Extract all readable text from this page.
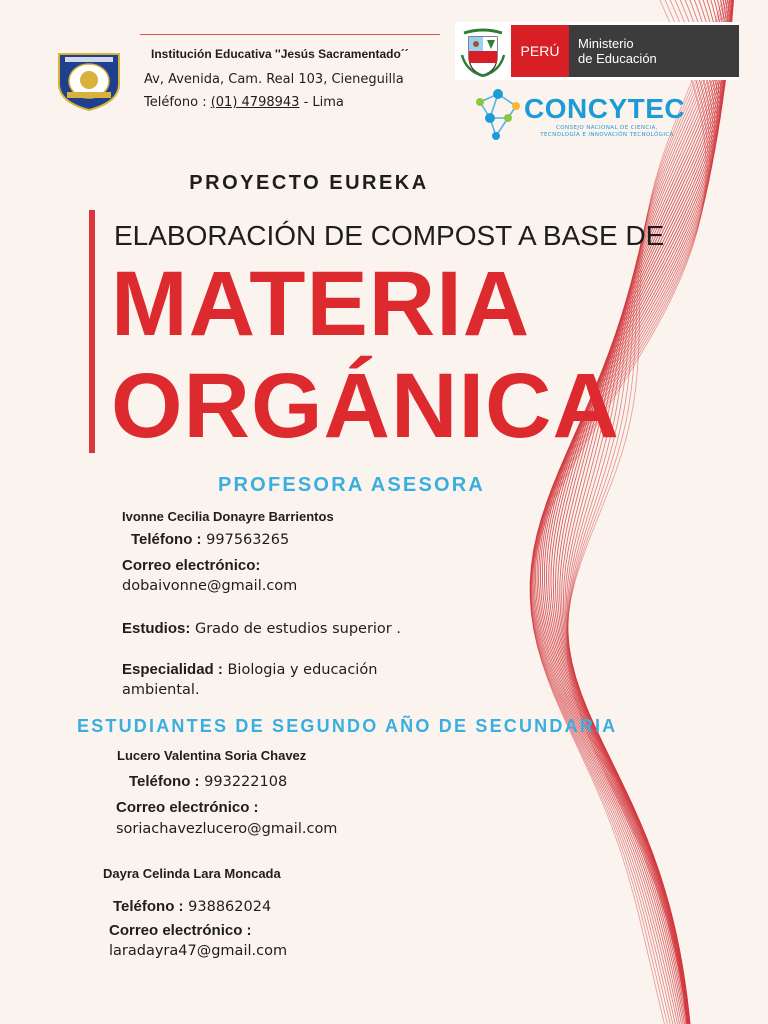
Institución Educativa ''Jesús Sacramentado´´
Av, Avenida, Cam. Real 103, Cieneguilla
Teléfono : (01) 4798943 - Lima
PERÚ	Ministerio
de Educación
CONCYTEC
CONSEJO NACIONAL DE CIENCIA,
TECNOLOGÍA E INNOVACIÓN TECNOLÓGICA
PROYECTO EUREKA
ELABORACIÓN DE COMPOST A BASE DE
MATERIA
ORGÁNICA
PROFESORA ASESORA
Ivonne Cecilia Donayre Barrientos
Teléfono : 997563265
Correo electrónico:
dobaivonne@gmail.com
Estudios: Grado de estudios superior .
Especialidad : Biologia y educación
ambiental.
ESTUDIANTES DE SEGUNDO AÑO DE SECUNDARIA
Lucero Valentina Soria Chavez
Teléfono : 993222108
Correo electrónico :
soriachavezlucero@gmail.com
Dayra Celinda Lara Moncada
Teléfono : 938862024
Correo electrónico :
laradayra47@gmail.com
